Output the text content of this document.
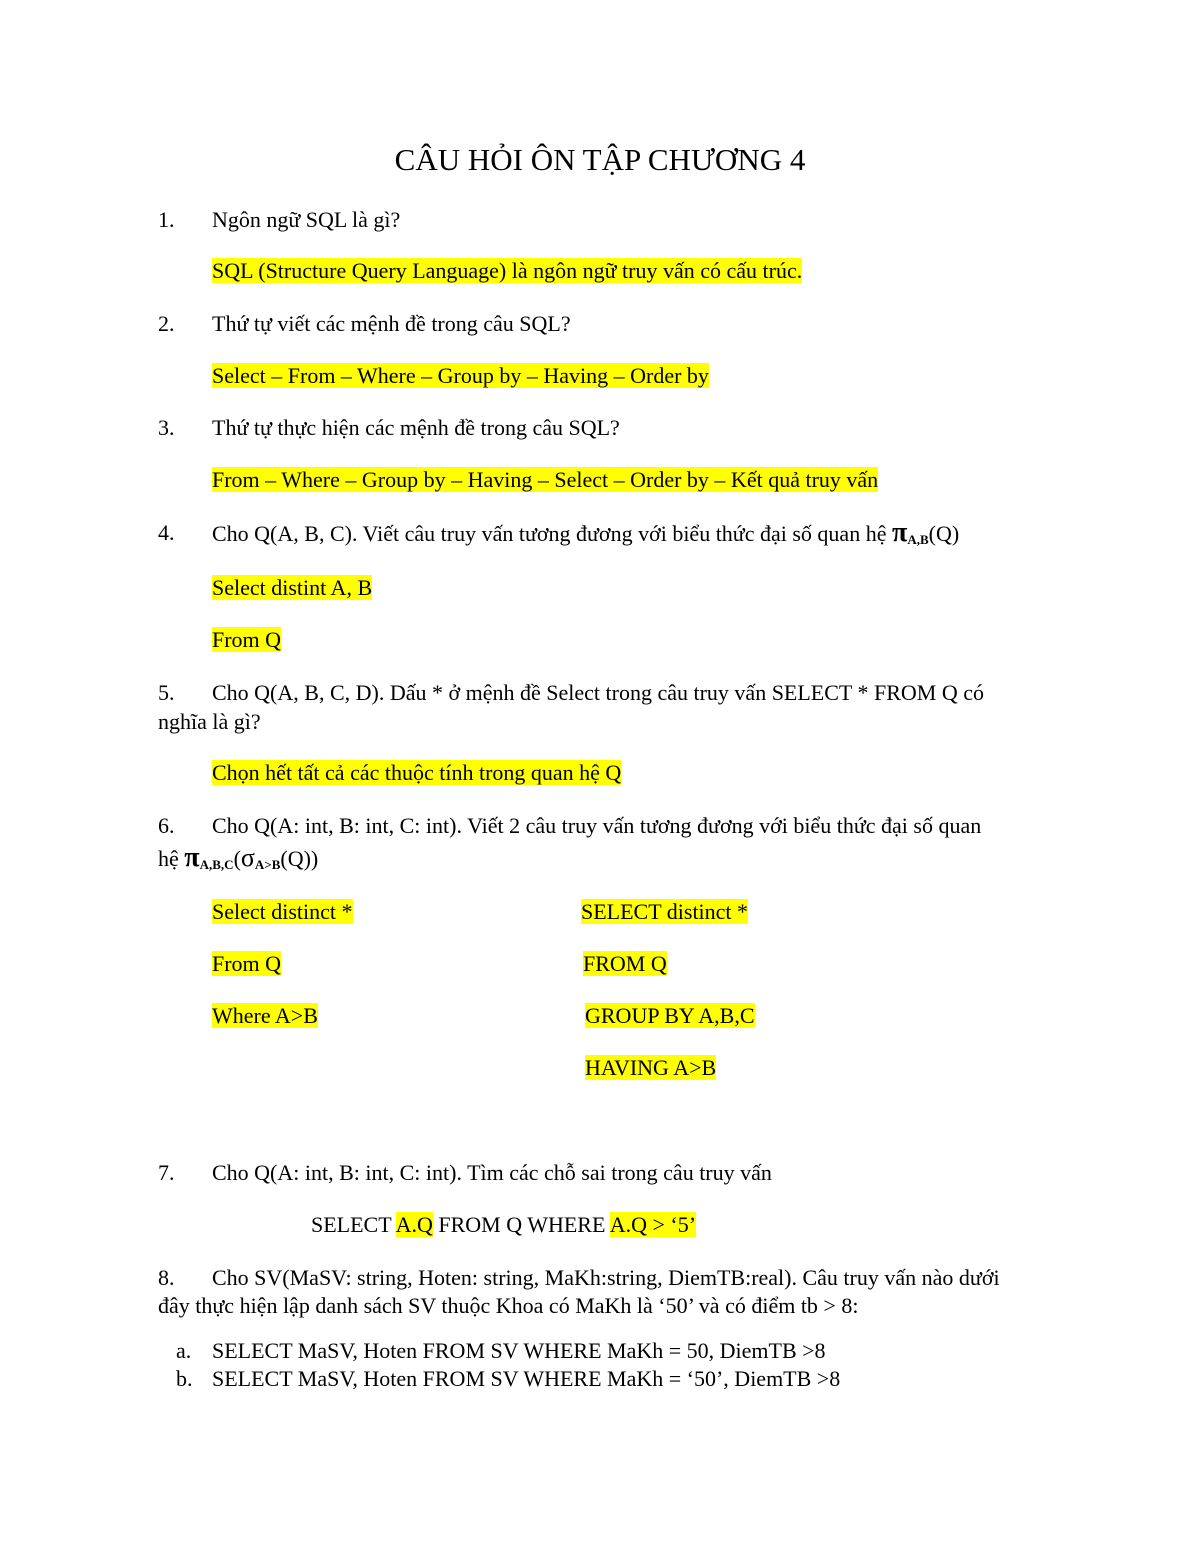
CÂU HỎI ÔN TẬP CHƯƠNG 4
1. Ngôn ngữ SQL là gì?
SQL (Structure Query Language) là ngôn ngữ truy vấn có cấu trúc.
2. Thứ tự viết các mệnh đề trong câu SQL?
Select – From – Where – Group by – Having – Order by
3. Thứ tự thực hiện các mệnh đề trong câu SQL?
From – Where – Group by – Having – Select – Order by – Kết quả truy vấn
4. Cho Q(A, B, C). Viết câu truy vấn tương đương với biểu thức đại số quan hệ $\pi_{A,B}(Q)$
Select distint A, B
From Q
5. Cho Q(A, B, C, D). Dấu * ở mệnh đề Select trong câu truy vấn SELECT * FROM Q có
nghĩa là gì?
Chọn hết tất cả các thuộc tính trong quan hệ Q
6. Cho Q(A: int, B: int, C: int). Viết 2 câu truy vấn tương đương với biểu thức đại số quan
hệ $\pi_{A,B,C}(\sigma_{A>B}(Q))$
Select distinct *
From Q
Where A>B
SELECT distinct *
FROM Q
GROUP BY A,B,C
HAVING A>B
7. Cho Q(A: int, B: int, C: int). Tìm các chỗ sai trong câu truy vấn
SELECT A.Q FROM Q WHERE A.Q > ‘5’
8. Cho SV(MaSV: string, Hoten: string, MaKh:string, DiemTB:real). Câu truy vấn nào dưới
đây thực hiện lập danh sách SV thuộc Khoa có MaKh là ‘50’ và có điểm tb > 8:
a. SELECT MaSV, Hoten FROM SV WHERE MaKh = 50, DiemTB >8
b. SELECT MaSV, Hoten FROM SV WHERE MaKh = ‘50’, DiemTB >8
